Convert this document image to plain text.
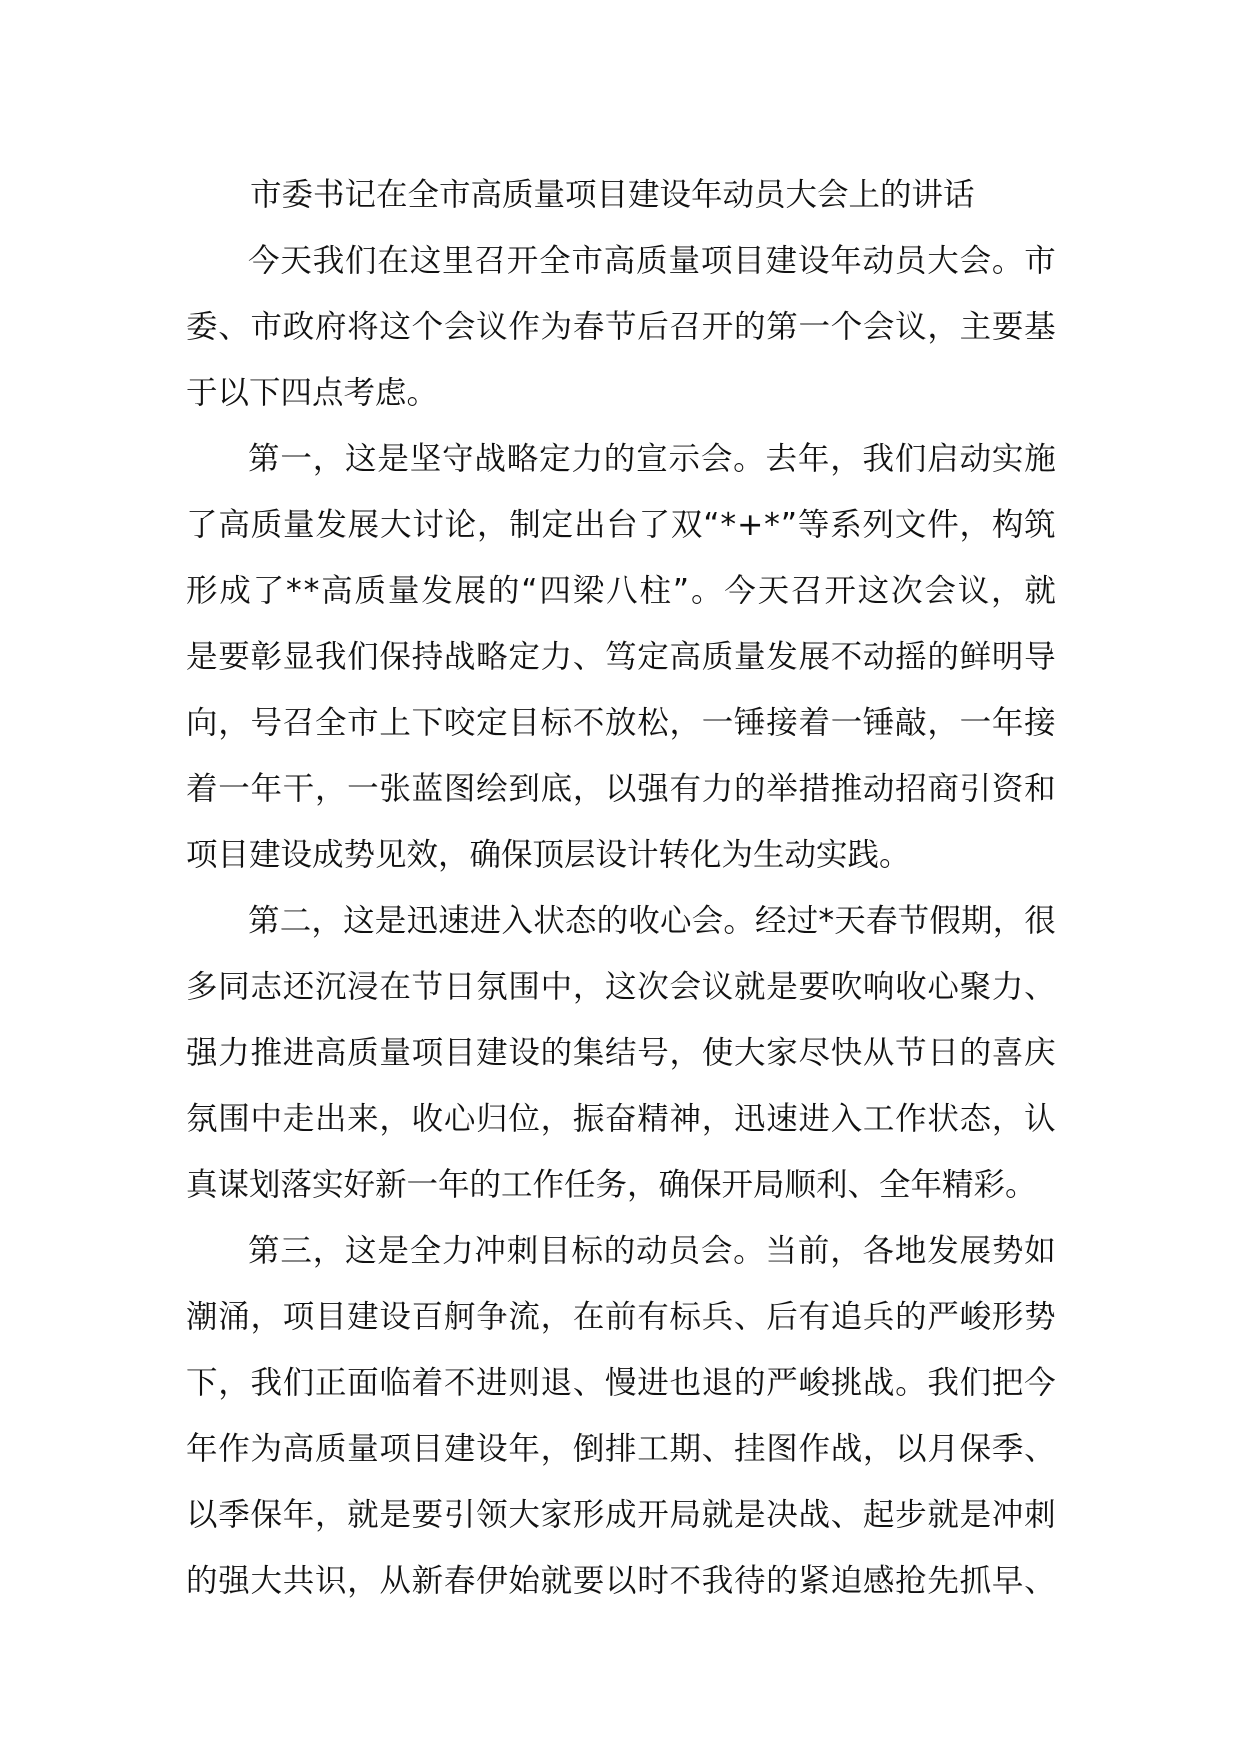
市委书记在全市高质量项目建设年动员大会上的讲话
今 天 我 们 在 这 里 召 开 全 市 高 质 量 项 目 建 设 年 动 员 大 会 。 市
委 、 市 政 府 将 这 个 会 议 作 为 春 节 后 召 开 的 第 一 个 会 议 ， 主 要 基
于以下四点考虑。
第 一 ， 这 是 坚 守 战 略 定 力 的 宣 示 会 。 去 年 ， 我 们 启 动 实 施
了 高 质 量 发 展 大 讨 论 ， 制 定 出 台 了 双 “ * + * ” 等 系 列 文 件 ， 构 筑
形 成 了 * * 高 质 量 发 展 的 “ 四 梁 八 柱 ” 。 今 天 召 开 这 次 会 议 ， 就
是 要 彰 显 我 们 保 持 战 略 定 力 、 笃 定 高 质 量 发 展 不 动 摇 的 鲜 明 导
向 ， 号 召 全 市 上 下 咬 定 目 标 不 放 松 ， 一 锤 接 着 一 锤 敲 ， 一 年 接
着 一 年 干 ， 一 张 蓝 图 绘 到 底 ， 以 强 有 力 的 举 措 推 动 招 商 引 资 和
项目建设成势见效，确保顶层设计转化为生动实践。
第 二 ， 这 是 迅 速 进 入 状 态 的 收 心 会 。 经 过 * 天 春 节 假 期 ， 很
多 同 志 还 沉 浸 在 节 日 氛 围 中 ， 这 次 会 议 就 是 要 吹 响 收 心 聚 力 、
强 力 推 进 高 质 量 项 目 建 设 的 集 结 号 ， 使 大 家 尽 快 从 节 日 的 喜 庆
氛 围 中 走 出 来 ， 收 心 归 位 ， 振 奋 精 神 ， 迅 速 进 入 工 作 状 态 ， 认
真谋划落实好新一年的工作任务，确保开局顺利、全年精彩。
第 三 ， 这 是 全 力 冲 刺 目 标 的 动 员 会 。 当 前 ， 各 地 发 展 势 如
潮 涌 ， 项 目 建 设 百 舸 争 流 ， 在 前 有 标 兵 、 后 有 追 兵 的 严 峻 形 势
下 ， 我 们 正 面 临 着 不 进 则 退 、 慢 进 也 退 的 严 峻 挑 战 。 我 们 把 今
年 作 为 高 质 量 项 目 建 设 年 ， 倒 排 工 期 、 挂 图 作 战 ， 以 月 保 季 、
以 季 保 年 ， 就 是 要 引 领 大 家 形 成 开 局 就 是 决 战 、 起 步 就 是 冲 刺
的 强 大 共 识 ， 从 新 春 伊 始 就 要 以 时 不 我 待 的 紧 迫 感 抢 先 抓 早 、
